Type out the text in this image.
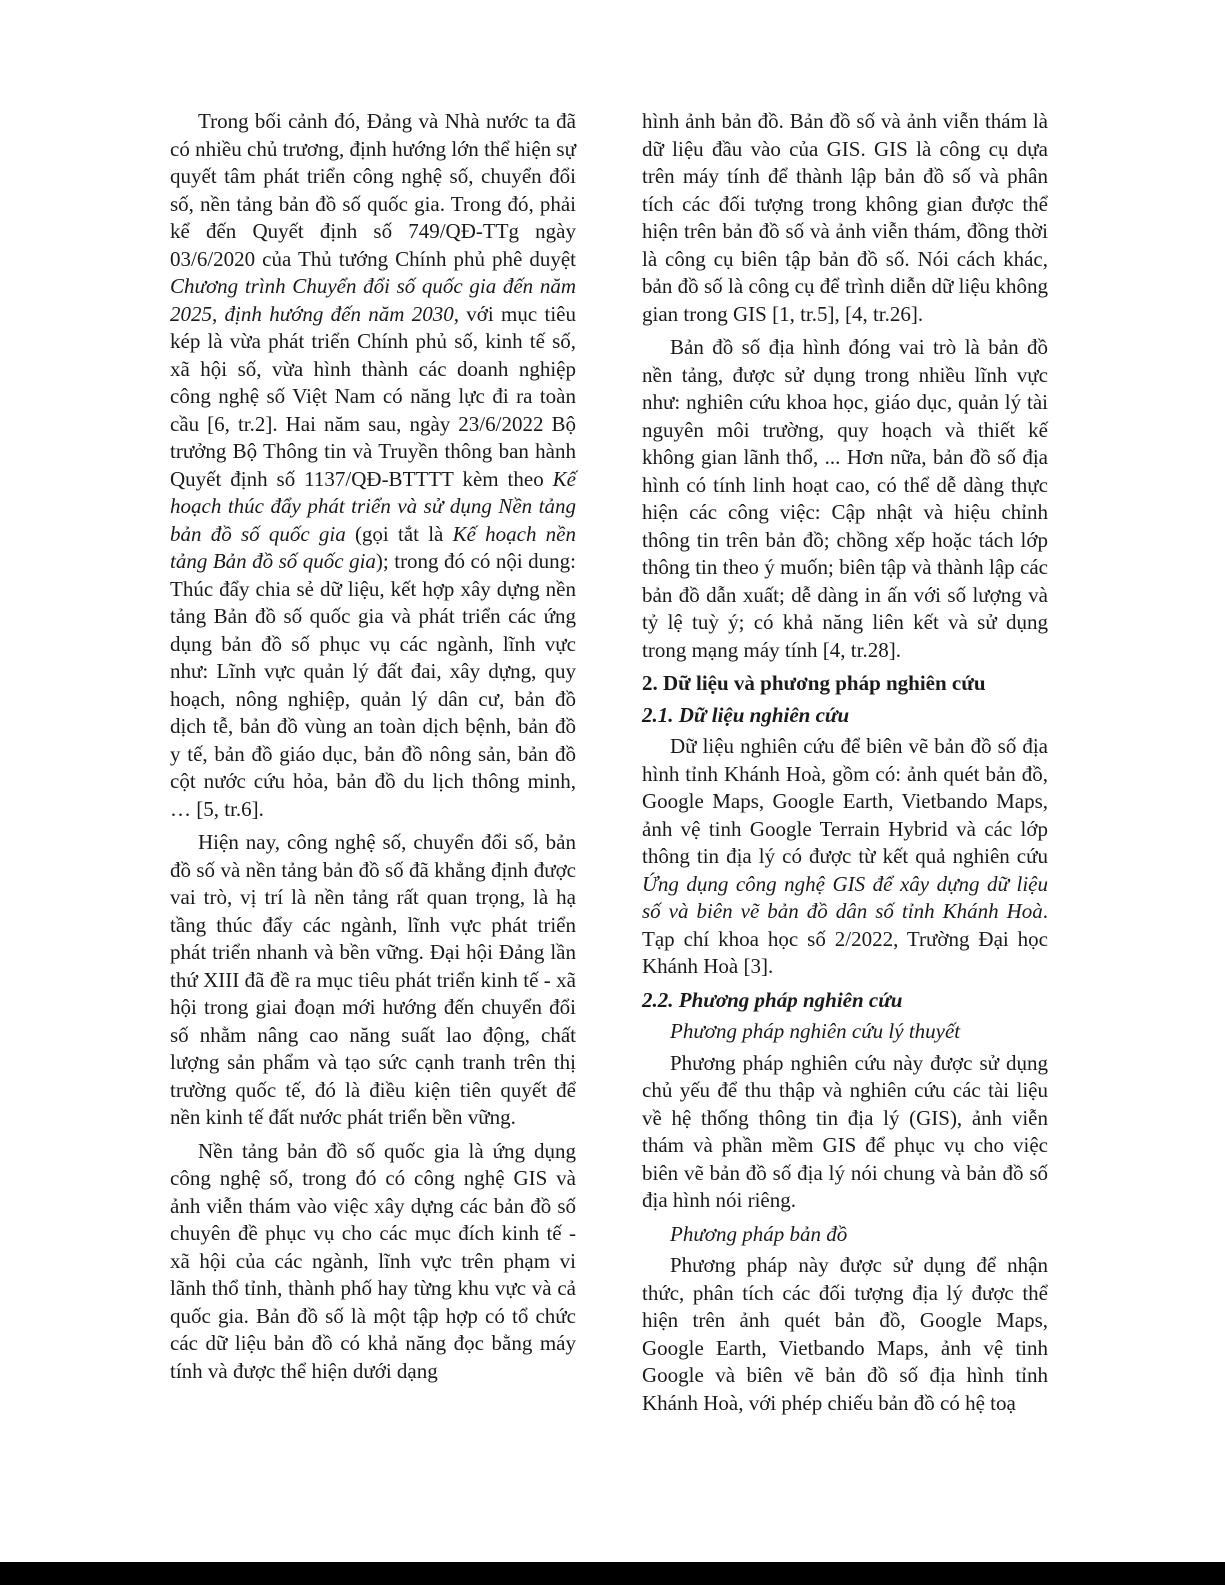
Trong bối cảnh đó, Đảng và Nhà nước ta đã có nhiều chủ trương, định hướng lớn thể hiện sự quyết tâm phát triển công nghệ số, chuyển đổi số, nền tảng bản đồ số quốc gia. Trong đó, phải kể đến Quyết định số 749/QĐ-TTg ngày 03/6/2020 của Thủ tướng Chính phủ phê duyệt Chương trình Chuyển đổi số quốc gia đến năm 2025, định hướng đến năm 2030, với mục tiêu kép là vừa phát triển Chính phủ số, kinh tế số, xã hội số, vừa hình thành các doanh nghiệp công nghệ số Việt Nam có năng lực đi ra toàn cầu [6, tr.2]. Hai năm sau, ngày 23/6/2022 Bộ trưởng Bộ Thông tin và Truyền thông ban hành Quyết định số 1137/QĐ-BTTTT kèm theo Kế hoạch thúc đẩy phát triển và sử dụng Nền tảng bản đồ số quốc gia (gọi tắt là Kế hoạch nền tảng Bản đồ số quốc gia); trong đó có nội dung: Thúc đẩy chia sẻ dữ liệu, kết hợp xây dựng nền tảng Bản đồ số quốc gia và phát triển các ứng dụng bản đồ số phục vụ các ngành, lĩnh vực như: Lĩnh vực quản lý đất đai, xây dựng, quy hoạch, nông nghiệp, quản lý dân cư, bản đồ dịch tễ, bản đồ vùng an toàn dịch bệnh, bản đồ y tế, bản đồ giáo dục, bản đồ nông sản, bản đồ cột nước cứu hỏa, bản đồ du lịch thông minh, … [5, tr.6].

Hiện nay, công nghệ số, chuyển đổi số, bản đồ số và nền tảng bản đồ số đã khẳng định được vai trò, vị trí là nền tảng rất quan trọng, là hạ tầng thúc đẩy các ngành, lĩnh vực phát triển phát triển nhanh và bền vững. Đại hội Đảng lần thứ XIII đã đề ra mục tiêu phát triển kinh tế - xã hội trong giai đoạn mới hướng đến chuyển đổi số nhằm nâng cao năng suất lao động, chất lượng sản phẩm và tạo sức cạnh tranh trên thị trường quốc tế, đó là điều kiện tiên quyết để nền kinh tế đất nước phát triển bền vững.

Nền tảng bản đồ số quốc gia là ứng dụng công nghệ số, trong đó có công nghệ GIS và ảnh viễn thám vào việc xây dựng các bản đồ số chuyên đề phục vụ cho các mục đích kinh tế - xã hội của các ngành, lĩnh vực trên phạm vi lãnh thổ tỉnh, thành phố hay từng khu vực và cả quốc gia. Bản đồ số là một tập hợp có tổ chức các dữ liệu bản đồ có khả năng đọc bằng máy tính và được thể hiện dưới dạng

hình ảnh bản đồ. Bản đồ số và ảnh viễn thám là dữ liệu đầu vào của GIS. GIS là công cụ dựa trên máy tính để thành lập bản đồ số và phân tích các đối tượng trong không gian được thể hiện trên bản đồ số và ảnh viễn thám, đồng thời là công cụ biên tập bản đồ số. Nói cách khác, bản đồ số là công cụ để trình diễn dữ liệu không gian trong GIS [1, tr.5], [4, tr.26].

Bản đồ số địa hình đóng vai trò là bản đồ nền tảng, được sử dụng trong nhiều lĩnh vực như: nghiên cứu khoa học, giáo dục, quản lý tài nguyên môi trường, quy hoạch và thiết kế không gian lãnh thổ, ... Hơn nữa, bản đồ số địa hình có tính linh hoạt cao, có thể dễ dàng thực hiện các công việc: Cập nhật và hiệu chỉnh thông tin trên bản đồ; chồng xếp hoặc tách lớp thông tin theo ý muốn; biên tập và thành lập các bản đồ dẫn xuất; dễ dàng in ấn với số lượng và tỷ lệ tuỳ ý; có khả năng liên kết và sử dụng trong mạng máy tính [4, tr.28].

2. Dữ liệu và phương pháp nghiên cứu

2.1. Dữ liệu nghiên cứu

Dữ liệu nghiên cứu để biên vẽ bản đồ số địa hình tỉnh Khánh Hoà, gồm có: ảnh quét bản đồ, Google Maps, Google Earth, Vietbando Maps, ảnh vệ tinh Google Terrain Hybrid và các lớp thông tin địa lý có được từ kết quả nghiên cứu Ứng dụng công nghệ GIS để xây dựng dữ liệu số và biên vẽ bản đồ dân số tỉnh Khánh Hoà. Tạp chí khoa học số 2/2022, Trường Đại học Khánh Hoà [3].

2.2. Phương pháp nghiên cứu

Phương pháp nghiên cứu lý thuyết

Phương pháp nghiên cứu này được sử dụng chủ yếu để thu thập và nghiên cứu các tài liệu về hệ thống thông tin địa lý (GIS), ảnh viễn thám và phần mềm GIS để phục vụ cho việc biên vẽ bản đồ số địa lý nói chung và bản đồ số địa hình nói riêng.

Phương pháp bản đồ

Phương pháp này được sử dụng để nhận thức, phân tích các đối tượng địa lý được thể hiện trên ảnh quét bản đồ, Google Maps, Google Earth, Vietbando Maps, ảnh vệ tinh Google và biên vẽ bản đồ số địa hình tỉnh Khánh Hoà, với phép chiếu bản đồ có hệ toạ
